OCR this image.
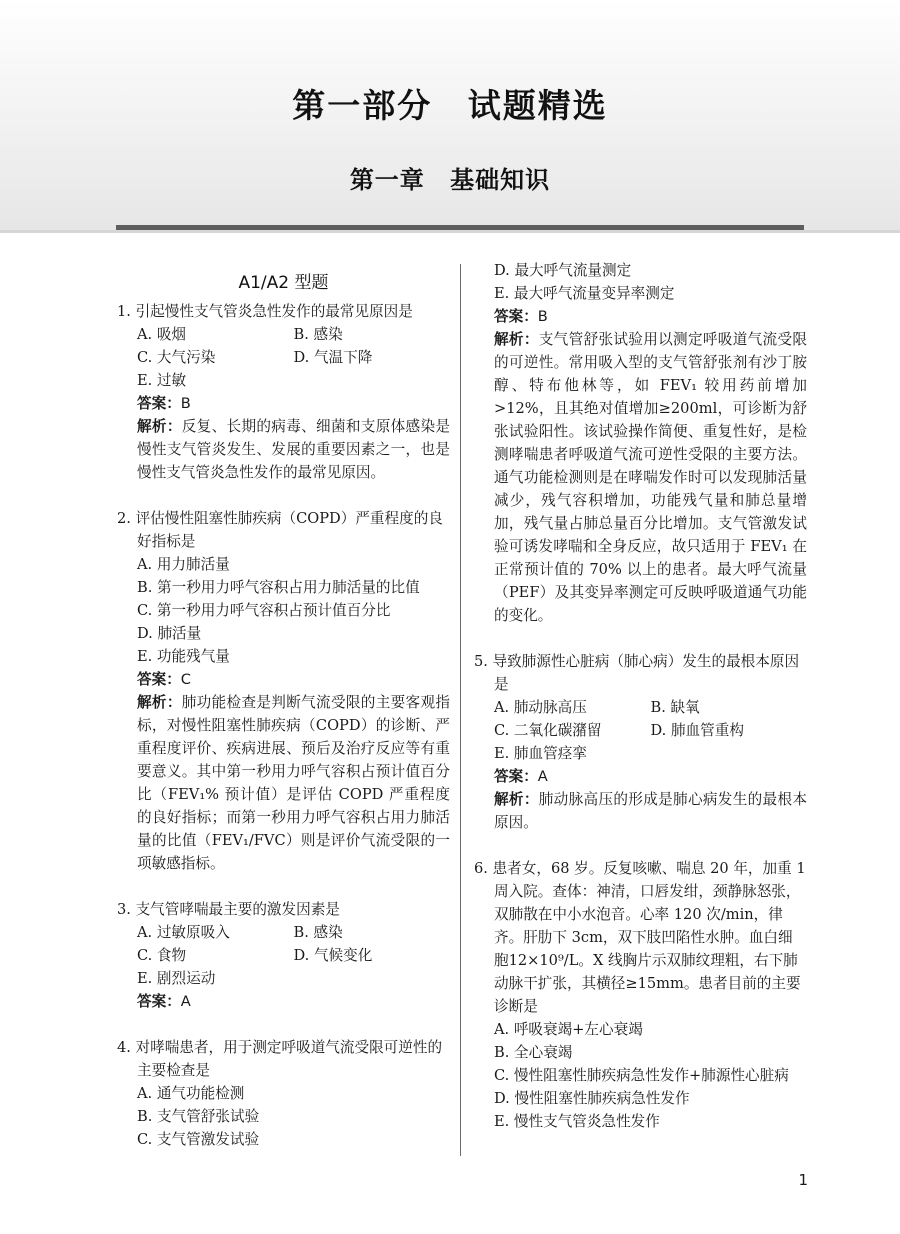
第一部分 试题精选
第一章 基础知识
A1/A2 型题
1. 引起慢性支气管炎急性发作的最常见原因是
A. 吸烟	B. 感染
C. 大气污染	D. 气温下降
E. 过敏
答案：B
解析：反复、长期的病毒、细菌和支原体感染是慢性支气管炎发生、发展的重要因素之一，也是慢性支气管炎急性发作的最常见原因。
2. 评估慢性阻塞性肺疾病（COPD）严重程度的良好指标是
A. 用力肺活量
B. 第一秒用力呼气容积占用力肺活量的比值
C. 第一秒用力呼气容积占预计值百分比
D. 肺活量
E. 功能残气量
答案：C
解析：肺功能检查是判断气流受限的主要客观指标，对慢性阻塞性肺疾病（COPD）的诊断、严重程度评价、疾病进展、预后及治疗反应等有重要意义。其中第一秒用力呼气容积占预计值百分比（FEV₁% 预计值）是评估 COPD 严重程度的良好指标；而第一秒用力呼气容积占用力肺活量的比值（FEV₁/FVC）则是评价气流受限的一项敏感指标。
3. 支气管哮喘最主要的激发因素是
A. 过敏原吸入	B. 感染
C. 食物	D. 气候变化
E. 剧烈运动
答案：A
4. 对哮喘患者，用于测定呼吸道气流受限可逆性的主要检查是
A. 通气功能检测
B. 支气管舒张试验
C. 支气管激发试验
D. 最大呼气流量测定
E. 最大呼气流量变异率测定
答案：B
解析：支气管舒张试验用以测定呼吸道气流受限的可逆性。常用吸入型的支气管舒张剂有沙丁胺醇、特布他林等，如 FEV₁ 较用药前增加>12%，且其绝对值增加≥200ml，可诊断为舒张试验阳性。该试验操作简便、重复性好，是检测哮喘患者呼吸道气流可逆性受限的主要方法。通气功能检测则是在哮喘发作时可以发现肺活量减少，残气容积增加，功能残气量和肺总量增加，残气量占肺总量百分比增加。支气管激发试验可诱发哮喘和全身反应，故只适用于 FEV₁ 在正常预计值的 70% 以上的患者。最大呼气流量（PEF）及其变异率测定可反映呼吸道通气功能的变化。
5. 导致肺源性心脏病（肺心病）发生的最根本原因是
A. 肺动脉高压	B. 缺氧
C. 二氧化碳潴留	D. 肺血管重构
E. 肺血管痉挛
答案：A
解析：肺动脉高压的形成是肺心病发生的最根本原因。
6. 患者女，68 岁。反复咳嗽、喘息 20 年，加重 1 周入院。查体：神清，口唇发绀，颈静脉怒张，双肺散在中小水泡音。心率 120 次/min，律齐。肝肋下 3cm，双下肢凹陷性水肿。血白细胞12×10⁹/L。X 线胸片示双肺纹理粗，右下肺动脉干扩张，其横径≥15mm。患者目前的主要诊断是
A. 呼吸衰竭+左心衰竭
B. 全心衰竭
C. 慢性阻塞性肺疾病急性发作+肺源性心脏病
D. 慢性阻塞性肺疾病急性发作
E. 慢性支气管炎急性发作
1
